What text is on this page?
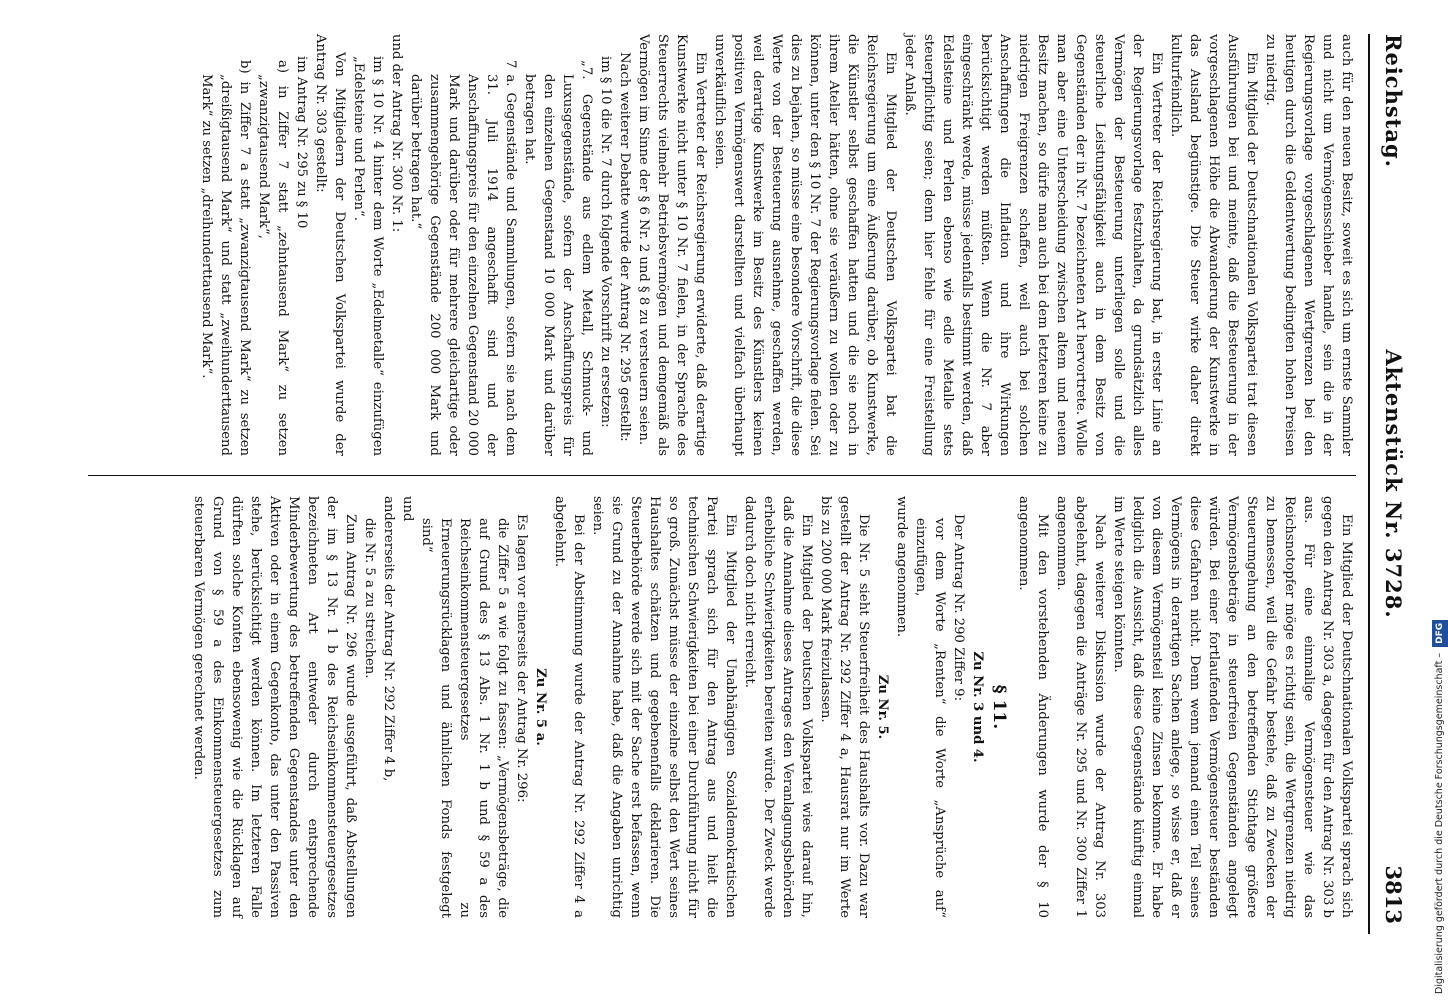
Reichstag.
Aktenstück Nr. 3728.
3813

auch für den neuen Besitz, soweit es sich um ernste Sammler und nicht um Vermögensschieber handle, sein die in der Regierungsvorlage vorgeschlagenen Wertgrenzen bei den heutigen durch die Geldentwertung bedingten hohen Preisen zu niedrig.

Ein Mitglied der Deutschnationalen Volkspartei trat diesen Ausführungen bei und meinte, daß die Besteuerung in der vorgeschlagenen Höhe die Abwanderung der Kunstwerke in das Ausland begünstige. Die Steuer wirke daher direkt kulturfeindlich.

Ein Vertreter der Reichsregierung bat, in erster Linie an der Regierungsvorlage festzuhalten, da grundsätzlich alles Vermögen der Besteuerung unterliegen solle und die steuerliche Leistungsfähigkeit auch in dem Besitz von Gegenständen der in Nr. 7 bezeichneten Art hervortrete. Wolle man aber eine Unterscheidung zwischen altem und neuem Besitz machen, so dürfe man auch bei dem letzteren keine zu niedrigen Freigrenzen schaffen, weil auch bei solchen Anschaffungen die Inflation und ihre Wirkungen berücksichtigt werden müßten. Wenn die Nr. 7 aber eingeschränkt werde, müsse jedenfalls bestimmt werden, daß Edelsteine und Perlen ebenso wie edle Metalle stets steuerpflichtig seien; denn hier fehle für eine Freistellung jeder Anlaß.

Ein Mitglied der Deutschen Volkspartei bat die Reichsregierung um eine Äußerung darüber, ob Kunstwerke, die Künstler selbst geschaffen hatten und die sie noch in ihrem Atelier hätten, ohne sie veräußern zu wollen oder zu können, unter den § 10 Nr. 7 der Regierungsvorlage fielen. Sei dies zu bejahen, so müsse eine besondere Vorschrift, die diese Werte von der Besteuerung ausnehme, geschaffen werden, weil derartige Kunstwerke im Besitz des Künstlers keinen positiven Vermögenswert darstellten und vielfach überhaupt unverkäuflich seien.

Ein Vertreter der Reichsregierung erwiderte, daß derartige Kunstwerke nicht unter § 10 Nr. 7 fielen, in der Sprache des Steuerrechts vielmehr Betriebsvermögen und demgemäß als Vermögen im Sinne der § 6 Nr. 2 und § 8 zu versteuern seien.

Nach weiterer Debatte wurde der Antrag Nr. 295 gestellt:

im § 10 die Nr. 7 durch folgende Vorschrift zu ersetzen:

„7. Gegenstände aus edlem Metall, Schmuck- und Luxusgegenstände, sofern der Anschaffungspreis für den einzelnen Gegenstand 10 000 Mark und darüber betragen hat.

7 a. Gegenstände und Sammlungen, sofern sie nach dem 31. Juli 1914 angeschafft sind und der Anschaffungspreis für den einzelnen Gegenstand 20 000 Mark und darüber oder für mehrere gleichartige oder zusammengehörige Gegenstände 200 000 Mark und darüber betragen hat.“

und der Antrag Nr. 300 Nr. 1:

im § 10 Nr. 4 hinter dem Worte „Edelmetalle“ einzufügen „Edelsteine und Perlen“.

Von Mitgliedern der Deutschen Volkspartei wurde der Antrag Nr. 303 gestellt:

im Antrag Nr. 295 zu § 10

a) in Ziffer 7 statt „zehntausend Mark“ zu setzen „zwanzigtausend Mark“,

b) in Ziffer 7 a statt „zwanzigtausend Mark“ zu setzen „dreißigtausend Mark“ und statt „zweihunderttausend Mark“ zu setzen „dreihunderttausend Mark“.

Ein Mitglied der Deutschnationalen Volkspartei sprach sich gegen den Antrag Nr. 303 a, dagegen für den Antrag Nr. 303 b aus. Für eine einmalige Vermögensteuer wie das Reichsnotopfer möge es richtig sein, die Wertgrenzen niedrig zu bemessen, weil die Gefahr bestehe, daß zu Zwecken der Steuerumgehung an den betreffenden Stichtage größere Vermögensbeträge in steuerfreien Gegenständen angelegt würden. Bei einer fortlaufenden Vermögensteuer beständen diese Gefahren nicht. Denn wenn jemand einen Teil seines Vermögens in derartigen Sachen anlege, so wisse er, daß er von diesem Vermögensteil keine Zinsen bekomme. Er habe lediglich die Aussicht, daß diese Gegenstände künftig einmal im Werte steigen könnten.

Nach weiterer Diskussion wurde der Antrag Nr. 303 abgelehnt, dagegen die Anträge Nr. 295 und Nr. 300 Ziffer 1 angenommen.

Mit den vorstehenden Änderungen wurde der § 10 angenommen.

§ 11.

Zu Nr. 3 und 4.

Der Antrag Nr. 290 Ziffer 9:

vor dem Worte „Renten“ die Worte „Ansprüche auf“ einzufügen,

wurde angenommen.

Zu Nr. 5.

Die Nr. 5 sieht Steuerfreiheit des Haushalts vor. Dazu war gestellt der Antrag Nr. 292 Ziffer 4 a, Hausrat nur im Werte bis zu 200 000 Mark freizulassen.

Ein Mitglied der Deutschen Volkspartei wies darauf hin, daß die Annahme dieses Antrages den Veranlagungsbehörden erhebliche Schwierigkeiten bereiten würde. Der Zweck werde dadurch doch nicht erreicht.

Ein Mitglied der Unabhängigen Sozialdemokratischen Partei sprach sich für den Antrag aus und hielt die technischen Schwierigkeiten bei einer Durchführung nicht für so groß. Zunächst müsse der einzelne selbst den Wert seines Haushaltes schätzen und gegebenenfalls deklarieren. Die Steuerbehörde werde sich mit der Sache erst befassen, wenn sie Grund zu der Annahme habe, daß die Angaben unrichtig seien.

Bei der Abstimmung wurde der Antrag Nr. 292 Ziffer 4 a abgelehnt.

Zu Nr. 5 a.

Es lagen vor einerseits der Antrag Nr. 296:

die Ziffer 5 a wie folgt zu fassen: „Vermögensbeträge, die auf Grund des § 13 Abs. 1 Nr. 1 b und § 59 a des Reichseinkommensteuergesetzes zu Erneuerungsrücklagen und ähnlichen Fonds festgelegt sind“

und

andererseits der Antrag Nr. 292 Ziffer 4 b,

die Nr. 5 a zu streichen.

Zum Antrag Nr. 296 wurde ausgeführt, daß Abstellungen der im § 13 Nr. 1 b des Reichseinkommensteuergesetzes bezeichneten Art entweder durch entsprechende Minderbewertung des betreffenden Gegenstandes unter den Aktiven oder in einem Gegenkonto, das unter den Passiven stehe, berücksichtigt werden können. Im letzteren Falle dürften solche Konten ebensowenig wie die Rücklagen auf Grund von § 59 a des Einkommensteuergesetzes zum steuerbaren Vermögen gerechnet werden.

Digitalisierung gefördert durch die Deutsche Forschungsgemeinschaft – DFG
